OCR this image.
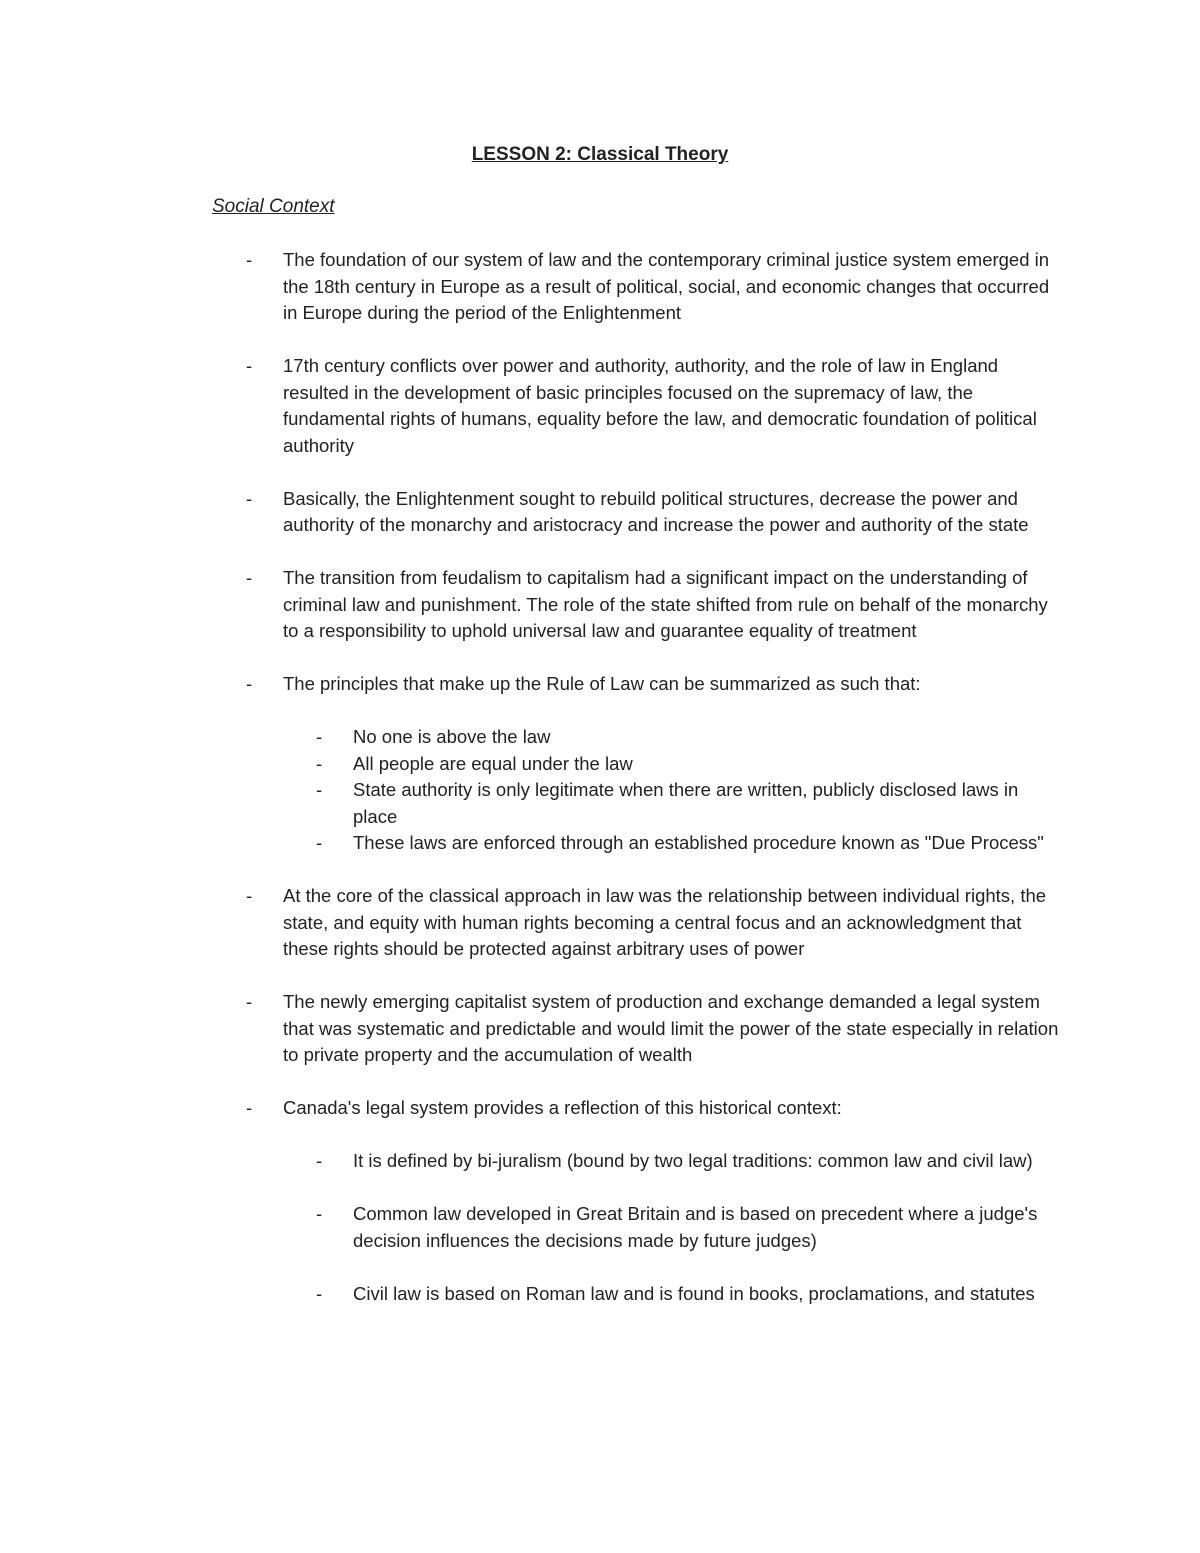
LESSON 2: Classical Theory
Social Context
- The foundation of our system of law and the contemporary criminal justice system emerged in the 18th century in Europe as a result of political, social, and economic changes that occurred in Europe during the period of the Enlightenment
- 17th century conflicts over power and authority, authority, and the role of law in England resulted in the development of basic principles focused on the supremacy of law, the fundamental rights of humans, equality before the law, and democratic foundation of political authority
- Basically, the Enlightenment sought to rebuild political structures, decrease the power and authority of the monarchy and aristocracy and increase the power and authority of the state
- The transition from feudalism to capitalism had a significant impact on the understanding of criminal law and punishment. The role of the state shifted from rule on behalf of the monarchy to a responsibility to uphold universal law and guarantee equality of treatment
- The principles that make up the Rule of Law can be summarized as such that:
- No one is above the law
- All people are equal under the law
- State authority is only legitimate when there are written, publicly disclosed laws in place
- These laws are enforced through an established procedure known as "Due Process"
- At the core of the classical approach in law was the relationship between individual rights, the state, and equity with human rights becoming a central focus and an acknowledgment that these rights should be protected against arbitrary uses of power
- The newly emerging capitalist system of production and exchange demanded a legal system that was systematic and predictable and would limit the power of the state especially in relation to private property and the accumulation of wealth
- Canada's legal system provides a reflection of this historical context:
- It is defined by bi-juralism (bound by two legal traditions: common law and civil law)
- Common law developed in Great Britain and is based on precedent where a judge's decision influences the decisions made by future judges)
- Civil law is based on Roman law and is found in books, proclamations, and statutes
